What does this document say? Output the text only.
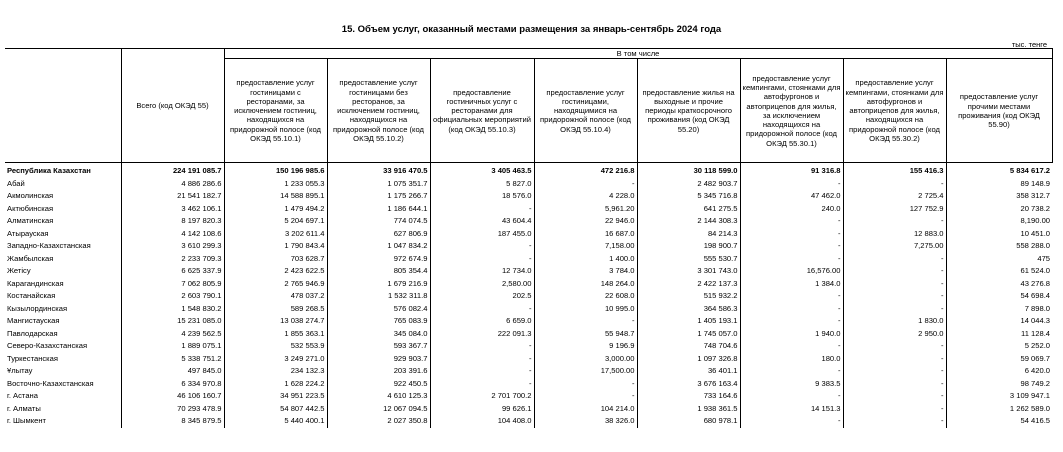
15. Объем услуг, оказанный местами размещения за январь-сентябрь 2024 года
тыс. тенге
	Всего (код ОКЭД 55)	В том числе							
		предоставление услуг гостиницами с ресторанами, за исключением гостиниц, находящихся на придорожной полосе (код ОКЭД 55.10.1)	предоставление услуг гостиницами без ресторанов, за исключением гостиниц, находящихся на придорожной полосе (код ОКЭД 55.10.2)	предоставление гостиничных услуг с ресторанами для официальных мероприятий (код ОКЭД 55.10.3)	предоставление услуг гостиницами, находящимися на придорожной полосе (код ОКЭД 55.10.4)	предоставление жилья на выходные и прочие периоды краткосрочного проживания (код ОКЭД 55.20)	предоставление услуг кемпингами, стоянками для автофургонов и автоприцепов для жилья, за исключением находящихся на придорожной полосе (код ОКЭД 55.30.1)	предоставление услуг кемпингами, стоянками для автофургонов и автоприцепов для жилья, находящихся на придорожной полосе (код ОКЭД 55.30.2)	предоставление услуг прочими местами проживания (код ОКЭД 55.90)
Республика Казахстан	224 191 085.7	150 196 985.6	33 916 470.5	3 405 463.5	472 216.8	30 118 599.0	91 316.8	155 416.3	5 834 617.2
Абай	4 886 286.6	1 233 055.3	1 075 351.7	5 827.0	-	2 482 903.7	-	-	89 148.9
Акмолинская	21 541 182.7	14 588 895.1	1 175 266.7	18 576.0	4 228.0	5 345 716.8	47 462.0	2 725.4	358 312.7
Актюбинская	3 462 106.1	1 479 494.2	1 186 644.1	-	5,961.20	641 275.5	240.0	127 752.9	20 738.2
Алматинская	8 197 820.3	5 204 697.1	774 074.5	43 604.4	22 946.0	2 144 308.3	-	-	8,190.00
Атырауская	4 142 108.6	3 202 611.4	627 806.9	187 455.0	16 687.0	84 214.3	-	12 883.0	10 451.0
Западно-Казахстанская	3 610 299.3	1 790 843.4	1 047 834.2	-	7,158.00	198 900.7	-	7,275.00	558 288.0
Жамбылская	2 233 709.3	703 628.7	972 674.9	-	1 400.0	555 530.7	-	-	475
Жетісу	6 625 337.9	2 423 622.5	805 354.4	12 734.0	3 784.0	3 301 743.0	16,576.00	-	61 524.0
Карагандинская	7 062 805.9	2 765 946.9	1 679 216.9	2,580.00	148 264.0	2 422 137.3	1 384.0	-	43 276.8
Костанайская	2 603 790.1	478 037.2	1 532 311.8	202.5	22 608.0	515 932.2	-	-	54 698.4
Кызылординская	1 548 830.2	589 268.5	576 082.4	-	10 995.0	364 586.3	-	-	7 898.0
Мангистауская	15 231 085.0	13 038 274.7	765 083.9	6 659.0	-	1 405 193.1	-	1 830.0	14 044.3
Павлодарская	4 239 562.5	1 855 363.1	345 084.0	222 091.3	55 948.7	1 745 057.0	1 940.0	2 950.0	11 128.4
Северо-Казахстанская	1 889 075.1	532 553.9	593 367.7	-	9 196.9	748 704.6	-	-	5 252.0
Туркестанская	5 338 751.2	3 249 271.0	929 903.7	-	3,000.00	1 097 326.8	180.0	-	59 069.7
Ұлытау	497 845.0	234 132.3	203 391.6	-	17,500.00	36 401.1	-	-	6 420.0
Восточно-Казахстанская	6 334 970.8	1 628 224.2	922 450.5	-	-	3 676 163.4	9 383.5	-	98 749.2
г. Астана	46 106 160.7	34 951 223.5	4 610 125.3	2 701 700.2	-	733 164.6	-	-	3 109 947.1
г. Алматы	70 293 478.9	54 807 442.5	12 067 094.5	99 626.1	104 214.0	1 938 361.5	14 151.3	-	1 262 589.0
г. Шымкент	8 345 879.5	5 440 400.1	2 027 350.8	104 408.0	38 326.0	680 978.1	-	-	54 416.5
